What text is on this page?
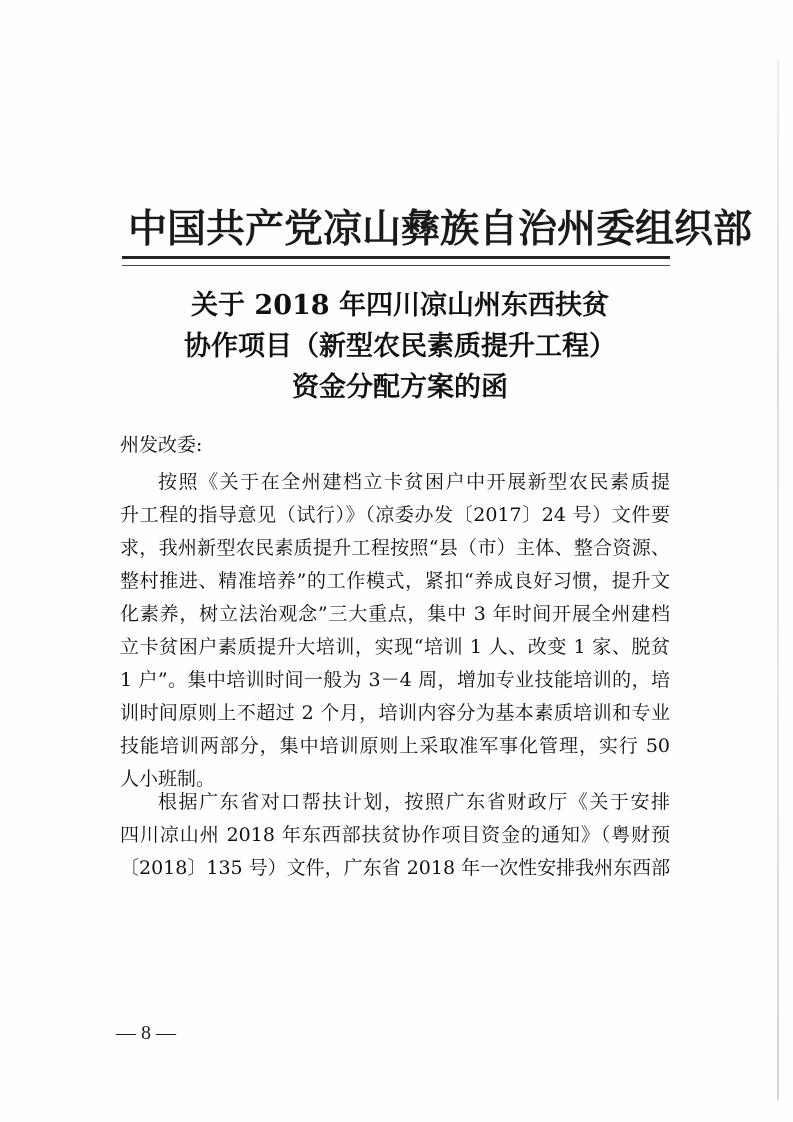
中国共产党凉山彝族自治州委组织部
关于 2018 年四川凉山州东西扶贫
协作项目（新型农民素质提升工程）
资金分配方案的函
州发改委:
按照《关于在全州建档立卡贫困户中开展新型农民素质提
升工程的指导意见（试行）》（凉委办发〔2017〕24 号）文件要
求，我州新型农民素质提升工程按照“县（市）主体、整合资源、
整村推进、精准培养”的工作模式，紧扣“养成良好习惯，提升文
化素养，树立法治观念”三大重点，集中 3 年时间开展全州建档
立卡贫困户素质提升大培训，实现“培训 1 人、改变 1 家、脱贫
1 户”。集中培训时间一般为 3－4 周，增加专业技能培训的，培
训时间原则上不超过 2 个月，培训内容分为基本素质培训和专业
技能培训两部分，集中培训原则上采取准军事化管理，实行 50
人小班制。
根据广东省对口帮扶计划，按照广东省财政厅《关于安排
四川凉山州 2018 年东西部扶贫协作项目资金的通知》（粤财预
〔2018〕135 号）文件，广东省 2018 年一次性安排我州东西部
— 8 —
